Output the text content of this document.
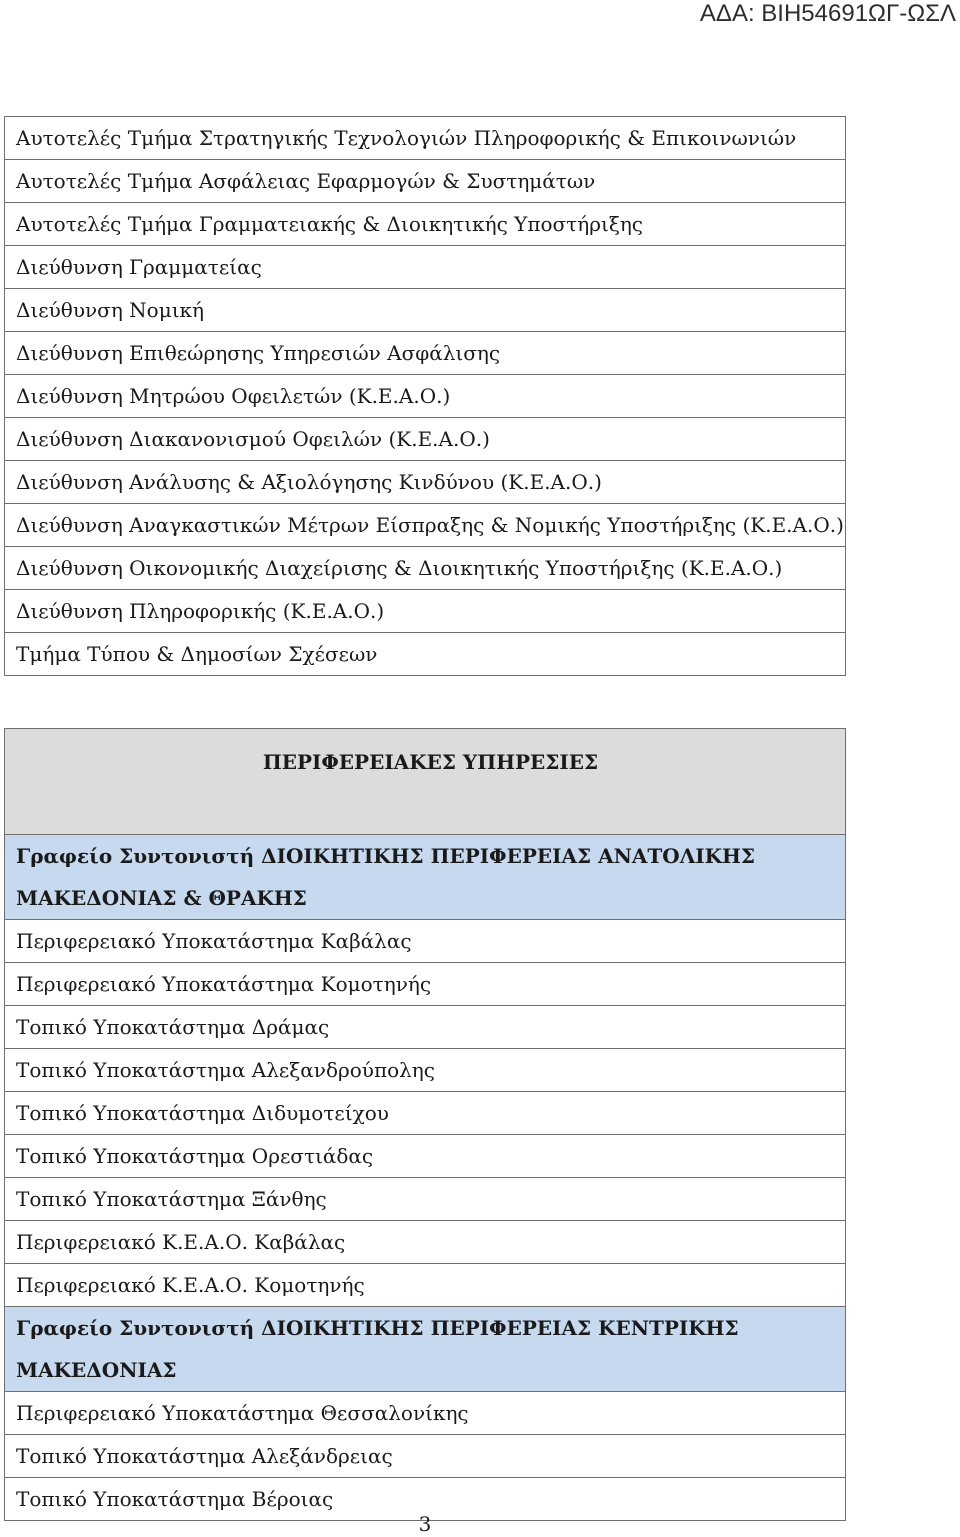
ΑΔΑ: ΒΙΗ54691ΩΓ-ΩΣΛ
Αυτοτελές Τμήμα Στρατηγικής Τεχνολογιών Πληροφορικής & Επικοινωνιών
Αυτοτελές Τμήμα Ασφάλειας Εφαρμογών & Συστημάτων
Αυτοτελές Τμήμα Γραμματειακής & Διοικητικής Υποστήριξης
Διεύθυνση Γραμματείας
Διεύθυνση Νομική
Διεύθυνση Επιθεώρησης Υπηρεσιών Ασφάλισης
Διεύθυνση Μητρώου Οφειλετών (Κ.Ε.Α.Ο.)
Διεύθυνση Διακανονισμού Οφειλών (Κ.Ε.Α.Ο.)
Διεύθυνση Ανάλυσης & Αξιολόγησης Κινδύνου (Κ.Ε.Α.Ο.)
Διεύθυνση Αναγκαστικών Μέτρων Είσπραξης & Νομικής Υποστήριξης (Κ.Ε.Α.Ο.)
Διεύθυνση Οικονομικής Διαχείρισης & Διοικητικής Υποστήριξης (Κ.Ε.Α.Ο.)
Διεύθυνση Πληροφορικής (Κ.Ε.Α.Ο.)
Τμήμα Τύπου & Δημοσίων Σχέσεων
ΠΕΡΙΦΕΡΕΙΑΚΕΣ ΥΠΗΡΕΣΙΕΣ

Γραφείο Συντονιστή ΔΙΟΙΚΗΤΙΚΗΣ ΠΕΡΙΦΕΡΕΙΑΣ ΑΝΑΤΟΛΙΚΗΣ
ΜΑΚΕΔΟΝΙΑΣ & ΘΡΑΚΗΣ

Περιφερειακό Υποκατάστημα Καβάλας
Περιφερειακό Υποκατάστημα Κομοτηνής
Τοπικό Υποκατάστημα Δράμας
Τοπικό Υποκατάστημα Αλεξανδρούπολης
Τοπικό Υποκατάστημα Διδυμοτείχου
Τοπικό Υποκατάστημα Ορεστιάδας
Τοπικό Υποκατάστημα Ξάνθης
Περιφερειακό Κ.Ε.Α.Ο. Καβάλας
Περιφερειακό Κ.Ε.Α.Ο. Κομοτηνής

Γραφείο Συντονιστή ΔΙΟΙΚΗΤΙΚΗΣ ΠΕΡΙΦΕΡΕΙΑΣ ΚΕΝΤΡΙΚΗΣ
ΜΑΚΕΔΟΝΙΑΣ

Περιφερειακό Υποκατάστημα Θεσσαλονίκης
Τοπικό Υποκατάστημα Αλεξάνδρειας
Τοπικό Υποκατάστημα Βέροιας
3
